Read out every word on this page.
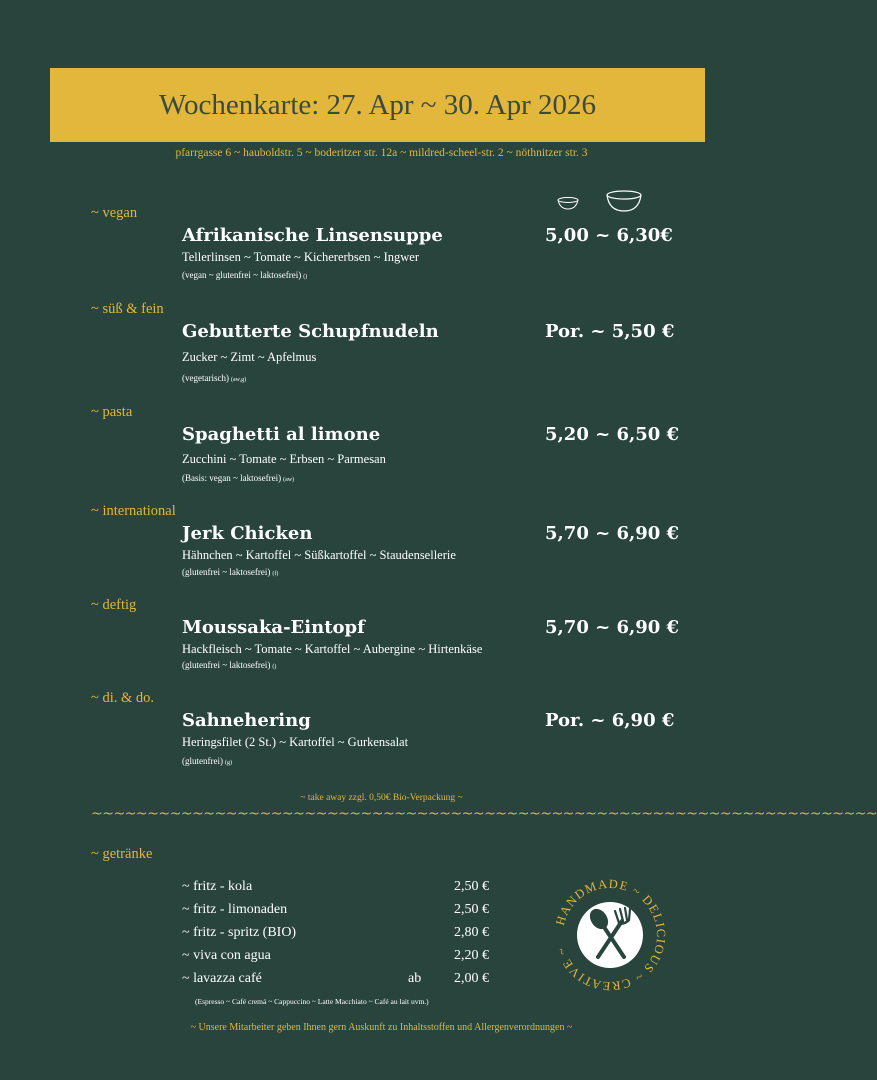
Wochenkarte: 27. Apr ~ 30. Apr 2026
pfarrgasse 6 ~ hauboldstr. 5 ~ boderitzer str. 12a ~ mildred-scheel-str. 2 ~ nöthnitzer str. 3
~ vegan
Afrikanische Linsensuppe	5,00 ~ 6,30€
Tellerlinsen ~ Tomate ~ Kichererbsen ~ Ingwer
(vegan ~ glutenfrei ~ laktosefrei) ()
~ süß & fein
Gebutterte Schupfnudeln	Por. ~ 5,50 €
Zucker ~ Zimt ~ Apfelmus
(vegetarisch) (aw,g)
~ pasta
Spaghetti al limone	5,20 ~ 6,50 €
Zucchini ~ Tomate ~ Erbsen ~ Parmesan
(Basis: vegan ~ laktosefrei) (aw)
~ international
Jerk Chicken	5,70 ~ 6,90 €
Hähnchen ~ Kartoffel ~ Süßkartoffel ~ Staudensellerie
(glutenfrei ~ laktosefrei) (f)
~ deftig
Moussaka-Eintopf	5,70 ~ 6,90 €
Hackfleisch ~ Tomate ~ Kartoffel ~ Aubergine ~ Hirtenkäse
(glutenfrei ~ laktosefrei) ()
~ di. & do.
Sahnehering	Por. ~ 6,90 €
Heringsfilet (2 St.) ~ Kartoffel ~ Gurkensalat
(glutenfrei) (g)
~ take away zzgl. 0,50€ Bio-Verpackung ~
~~~~~~~~~~~~~~~~~~~~~~~~~~~~~~~~~~~~~~~~~~~~~~~~~~~~~~~~~~~~~~~~~~~~~~
~ getränke
~ fritz - kola	2,50 €
~ fritz - limonaden	2,50 €
~ fritz - spritz (BIO)	2,80 €
~ viva con agua	2,20 €
~ lavazza café	ab 2,00 €
(Espresso ~ Café cremá ~ Cappuccino ~ Latte Macchiato ~ Café au lait uvm.)
HANDMADE ~ DELICIOUS ~ CREATIVE ~
~ Unsere Mitarbeiter geben Ihnen gern Auskunft zu Inhaltsstoffen und Allergenverordnungen ~
